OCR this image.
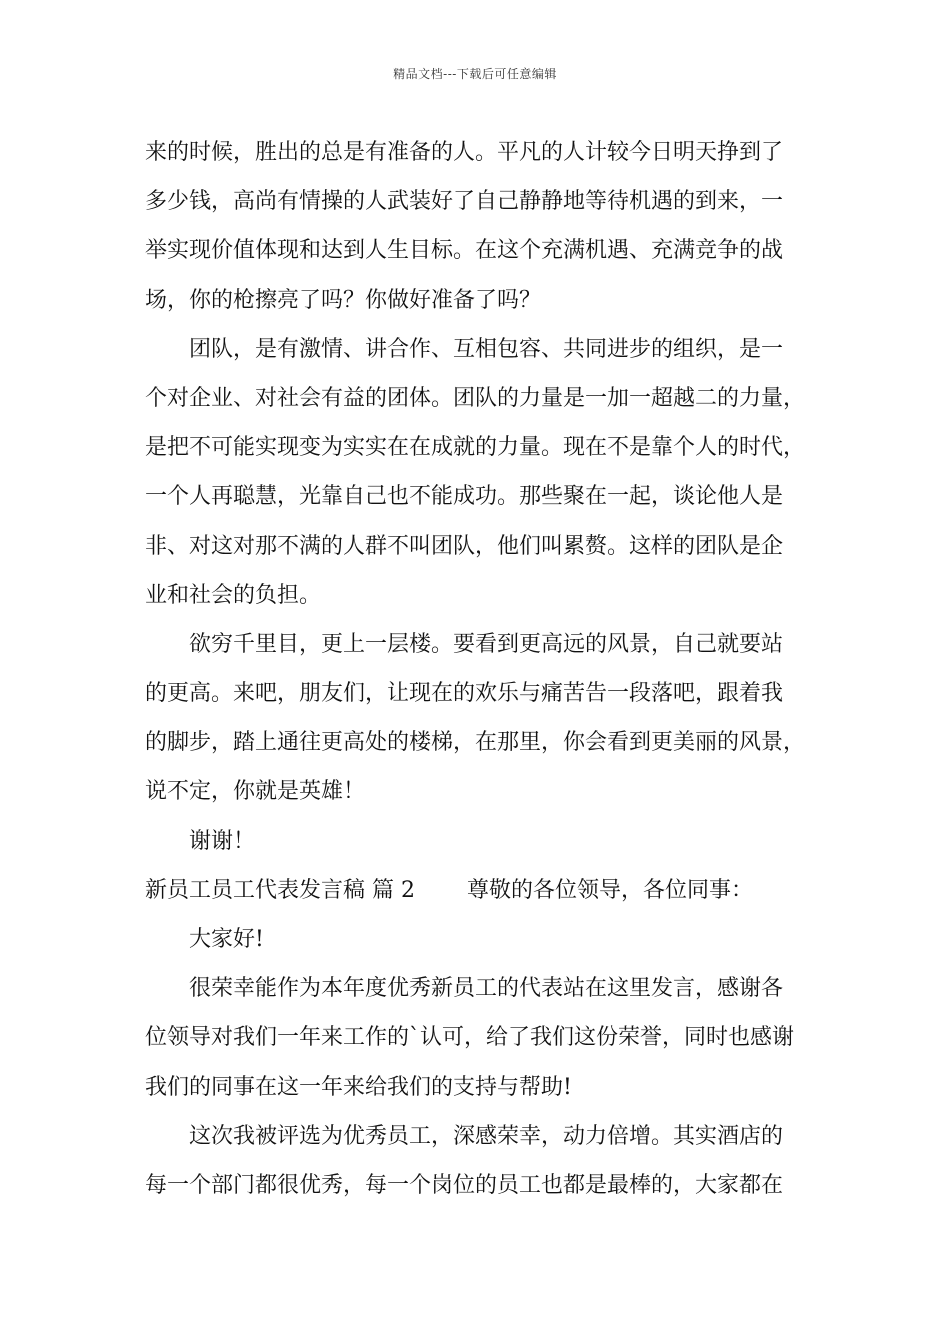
精品文档---下载后可任意编辑
来的时候，胜出的总是有准备的人。平凡的人计较今日明天挣到了
多少钱，高尚有情操的人武装好了自己静静地等待机遇的到来，一
举实现价值体现和达到人生目标。在这个充满机遇、充满竞争的战
场，你的枪擦亮了吗？你做好准备了吗？
团队，是有激情、讲合作、互相包容、共同进步的组织，是一
个对企业、对社会有益的团体。团队的力量是一加一超越二的力量，
是把不可能实现变为实实在在成就的力量。现在不是靠个人的时代，
一个人再聪慧，光靠自己也不能成功。那些聚在一起，谈论他人是
非、对这对那不满的人群不叫团队，他们叫累赘。这样的团队是企
业和社会的负担。
欲穷千里目，更上一层楼。要看到更高远的风景，自己就要站
的更高。来吧，朋友们，让现在的欢乐与痛苦告一段落吧，跟着我
的脚步，踏上通往更高处的楼梯，在那里，你会看到更美丽的风景，
说不定，你就是英雄！
谢谢！
新员工员工代表发言稿 篇 2 尊敬的各位领导，各位同事：
大家好!
很荣幸能作为本年度优秀新员工的代表站在这里发言，感谢各
位领导对我们一年来工作的`认可，给了我们这份荣誉，同时也感谢
我们的同事在这一年来给我们的支持与帮助!
这次我被评选为优秀员工，深感荣幸，动力倍增。其实酒店的
每一个部门都很优秀，每一个岗位的员工也都是最棒的，大家都在
